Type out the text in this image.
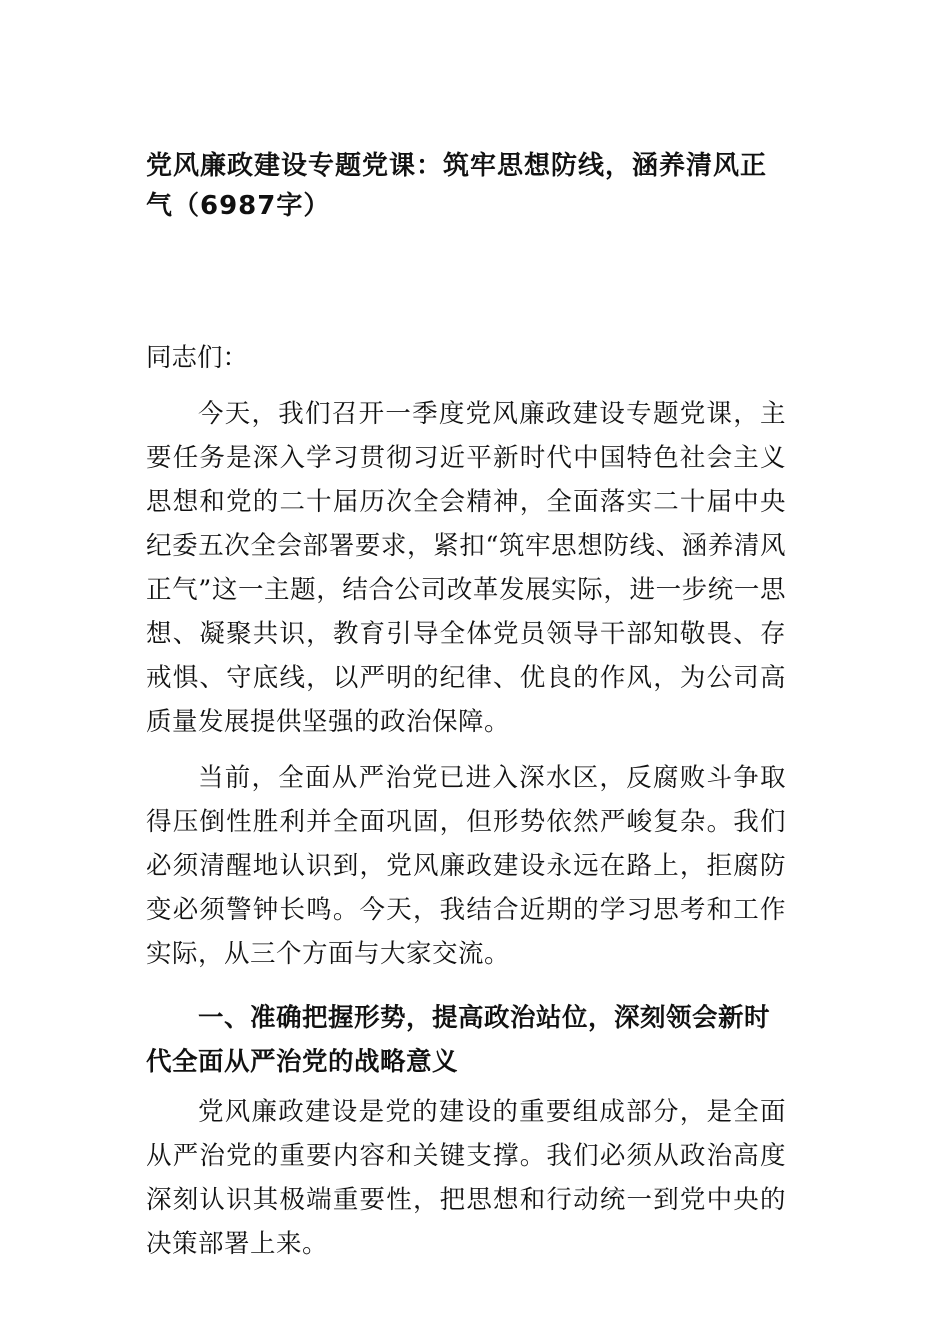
党风廉政建设专题党课：筑牢思想防线，涵养清风正气（6987字）

同志们：

今天，我们召开一季度党风廉政建设专题党课，主要任务是深入学习贯彻习近平新时代中国特色社会主义思想和党的二十届历次全会精神，全面落实二十届中央纪委五次全会部署要求，紧扣“筑牢思想防线、涵养清风正气”这一主题，结合公司改革发展实际，进一步统一思想、凝聚共识，教育引导全体党员领导干部知敬畏、存戒惧、守底线，以严明的纪律、优良的作风，为公司高质量发展提供坚强的政治保障。

当前，全面从严治党已进入深水区，反腐败斗争取得压倒性胜利并全面巩固，但形势依然严峻复杂。我们必须清醒地认识到，党风廉政建设永远在路上，拒腐防变必须警钟长鸣。今天，我结合近期的学习思考和工作实际，从三个方面与大家交流。

一、准确把握形势，提高政治站位，深刻领会新时代全面从严治党的战略意义

党风廉政建设是党的建设的重要组成部分，是全面从严治党的重要内容和关键支撑。我们必须从政治高度深刻认识其极端重要性，把思想和行动统一到党中央的决策部署上来。
